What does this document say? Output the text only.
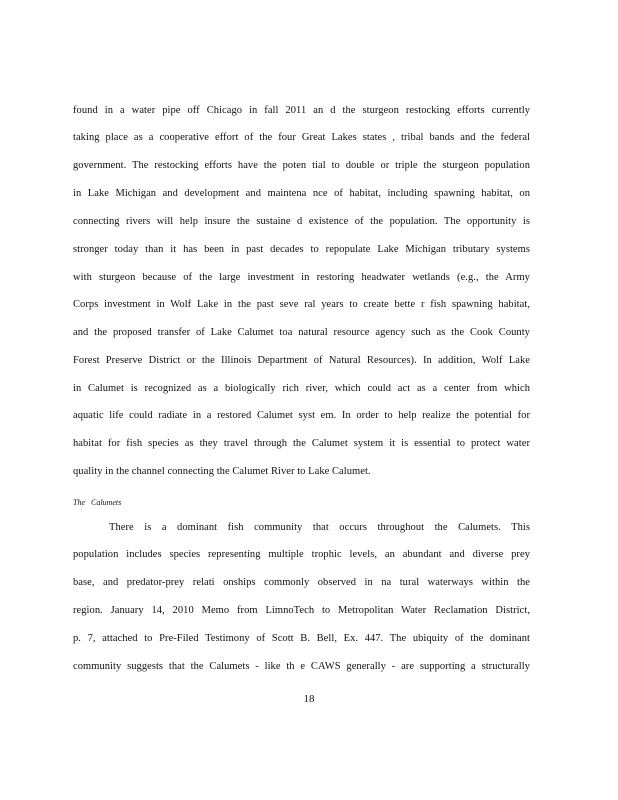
found in a water pipe off Chicago in fall 2011 an d the sturgeon restocking efforts currently
taking place as a cooperative effort of the four Great Lakes states , tribal bands and the federal
government. The restocking efforts have the poten tial to double or triple the sturgeon population
in Lake Michigan and development and maintena nce of habitat, including spawning habitat, on
connecting rivers will help insure the sustaine d existence of the population. The opportunity is
stronger today than it has been in past decades to repopulate Lake Michigan tributary systems
with sturgeon because of the large investment in restoring headwater wetlands (e.g., the Army
Corps investment in Wolf Lake in the past seve ral years to create bette r fish spawning habitat,
and the proposed transfer of Lake Calumet toa natural resource agency such as the Cook County
Forest Preserve District or the Illinois Department of Natural Resources). In addition, Wolf Lake
in Calumet is recognized as a biologically rich river, which could act as a center from which
aquatic life could radiate in a restored Calumet syst em. In order to help realize the potential for
habitat for fish species as they travel through the Calumet system it is essential to protect water
quality in the channel connecting the Calumet River to Lake Calumet.
The Calumets
There is a dominant fish community that occurs throughout the Calumets. This
population includes species representing multiple trophic levels, an abundant and diverse prey
base, and predator-prey relati onships commonly observed in na tural waterways within the
region. January 14, 2010 Memo from LimnoTech to Metropolitan Water Reclamation District,
p. 7, attached to Pre-Filed Testimony of Scott B. Bell, Ex. 447. The ubiquity of the dominant
community suggests that the Calumets - like th e CAWS generally - are supporting a structurally
18
